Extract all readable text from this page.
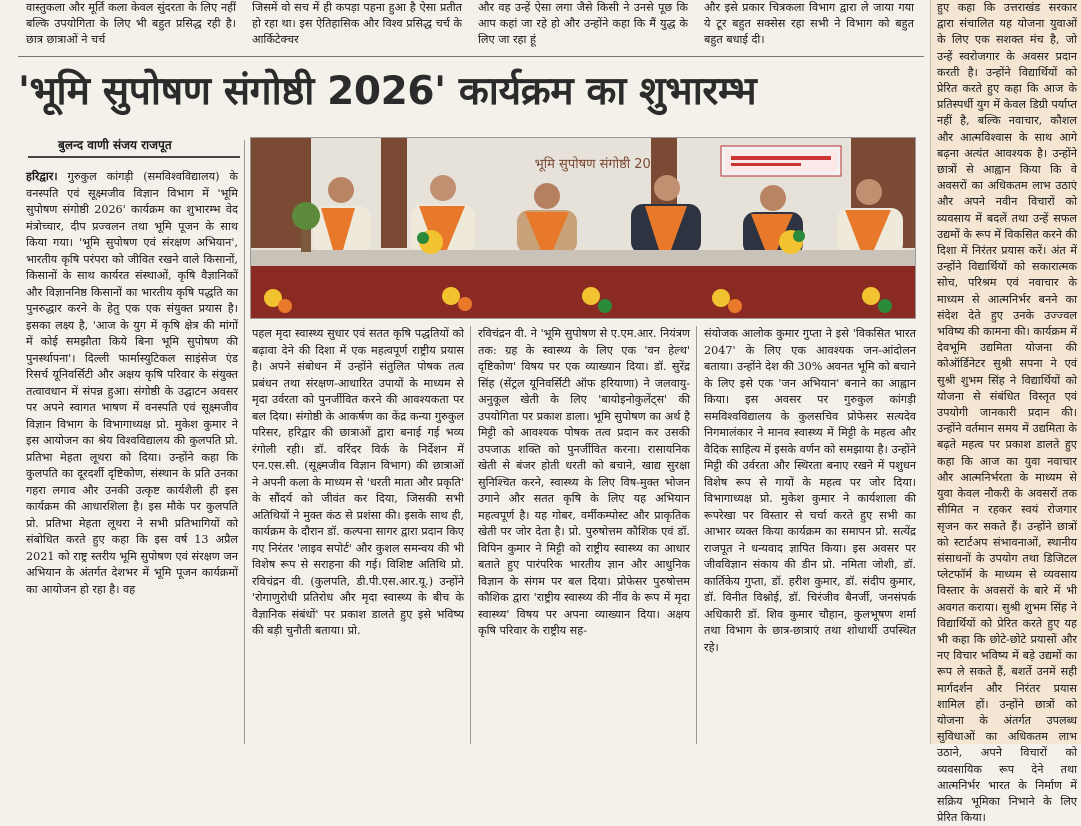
वास्तुकला और मूर्ति कला केवल सुंदरता के लिए नहीं बल्कि उपयोगिता के लिए भी बहुत प्रसिद्ध रही है। छात्र छात्राओं ने चर्च

जिसमें वो सच में ही कपड़ा पहना हुआ है ऐसा प्रतीत हो रहा था। इस ऐतिहासिक और विश्व प्रसिद्ध चर्च के आर्किटेक्चर

और वह उन्हें ऐसा लगा जैसे किसी ने उनसे पूछ कि आप कहां जा रहे हो और उन्होंने कहा कि मैं युद्ध के लिए जा रहा हूं

और इसे प्रकार चित्रकला विभाग द्वारा ले जाया गया ये टूर बहुत सक्सेस रहा सभी ने विभाग को बहुत बहुत बधाई दी।

'भूमि सुपोषण संगोष्ठी 2026' कार्यक्रम का शुभारम्भ
बुलन्द वाणी संजय राजपूत

हरिद्वार। गुरुकुल कांगड़ी (समविश्वविद्यालय) के वनस्पति एवं सूक्ष्मजीव विज्ञान विभाग में 'भूमि सुपोषण संगोष्ठी 2026' कार्यक्रम का शुभारम्भ वेद मंत्रोच्चार, दीप प्रज्वलन तथा भूमि पूजन के साथ किया गया। 'भूमि सुपोषण एवं संरक्षण अभियान', भारतीय कृषि परंपरा को जीवित रखने वाले किसानों, किसानों के साथ कार्यरत संस्थाओं, कृषि वैज्ञानिकों और विज्ञाननिष्ठ किसानों का भारतीय कृषि पद्धति का पुनरुद्धार करने के हेतु एक एक संयुक्त प्रयास है। इसका लक्ष्य है, 'आज के युग में कृषि क्षेत्र की मांगों में कोई समझौता किये बिना भूमि सुपोषण की पुनर्स्थापना'। दिल्ली फार्मास्युटिकल साइंसेज एंड रिसर्च यूनिवर्सिटी और अक्षय कृषि परिवार के संयुक्त तत्वावधान में संपन्न हुआ। संगोष्ठी के उद्घाटन अवसर पर अपने स्वागत भाषण में वनस्पति एवं सूक्ष्मजीव विज्ञान विभाग के विभागाध्यक्ष प्रो. मुकेश कुमार ने इस आयोजन का श्रेय विश्वविद्यालय की कुलपति प्रो. प्रतिभा मेहता लूथरा को दिया। उन्होंने कहा कि कुलपति का दूरदर्शी दृष्टिकोण, संस्थान के प्रति उनका गहरा लगाव और उनकी उत्कृष्ट कार्यशैली ही इस कार्यक्रम की आधारशिला है। इस मौके पर कुलपति प्रो. प्रतिभा मेहता लूथरा ने सभी प्रतिभागियों को संबोधित करते हुए कहा कि इस वर्ष 13 अप्रैल 2021 को राष्ट्र स्तरीय भूमि सुपोषण एवं संरक्षण जन अभियान के अंतर्गत देशभर में भूमि पूजन कार्यक्रमों का आयोजन हो रहा है। वह

भूमि सुपोषण संगोष्ठी 2026

पहल मृदा स्वास्थ्य सुधार एवं सतत कृषि पद्धतियों को बढ़ावा देने की दिशा में एक महत्वपूर्ण राष्ट्रीय प्रयास है। अपने संबोधन में उन्होंने संतुलित पोषक तत्व प्रबंधन तथा संरक्षण-आधारित उपायों के माध्यम से मृदा उर्वरता को पुनर्जीवित करने की आवश्यकता पर बल दिया। संगोष्ठी के आकर्षण का केंद्र कन्या गुरुकुल परिसर, हरिद्वार की छात्राओं द्वारा बनाई गई भव्य रंगोली रही। डॉ. वरिंदर विर्क के निर्देशन में एन.एस.सी. (सूक्ष्मजीव विज्ञान विभाग) की छात्राओं ने अपनी कला के माध्यम से 'धरती माता और प्रकृति' के सौंदर्य को जीवंत कर दिया, जिसकी सभी अतिथियों ने मुक्त कंठ से प्रशंसा की। इसके साथ ही, कार्यक्रम के दौरान डॉ. कल्पना सागर द्वारा प्रदान किए गए निरंतर 'लाइव सपोर्ट' और कुशल समन्वय की भी विशेष रूप से सराहना की गई। विशिष्ट अतिथि प्रो. रविचंद्रन वी. (कुलपति, डी.पी.एस.आर.यू.) उन्होंने 'रोगाणुरोधी प्रतिरोध और मृदा स्वास्थ्य के बीच के वैज्ञानिक संबंधों' पर प्रकाश डालते हुए इसे भविष्य की बड़ी चुनौती बताया। प्रो.

रविचंद्रन वी. ने 'भूमि सुपोषण से ए.एम.आर. नियंत्रण तक: ग्रह के स्वास्थ्य के लिए एक 'वन हेल्थ' दृष्टिकोण' विषय पर एक व्याख्यान दिया। डॉ. सुरेंद्र सिंह (सेंट्रल यूनिवर्सिटी ऑफ हरियाणा) ने जलवायु-अनुकूल खेती के लिए 'बायोइनोकुलेंट्स' की उपयोगिता पर प्रकाश डाला। भूमि सुपोषण का अर्थ है मिट्टी को आवश्यक पोषक तत्व प्रदान कर उसकी उपजाऊ शक्ति को पुनर्जीवित करना। रासायनिक खेती से बंजर होती धरती को बचाने, खाद्य सुरक्षा सुनिश्चित करने, स्वास्थ्य के लिए विष-मुक्त भोजन उगाने और सतत कृषि के लिए यह अभियान महत्वपूर्ण है। यह गोबर, वर्मीकम्पोस्ट और प्राकृतिक खेती पर जोर देता है। प्रो. पुरुषोत्तम कौशिक एवं डॉ. विपिन कुमार ने मिट्टी को राष्ट्रीय स्वास्थ्य का आधार बताते हुए पारंपरिक भारतीय ज्ञान और आधुनिक विज्ञान के संगम पर बल दिया। प्रोफेसर पुरुषोत्तम कौशिक द्वारा 'राष्ट्रीय स्वास्थ्य की नींव के रूप में मृदा स्वास्थ्य' विषय पर अपना व्याख्यान दिया। अक्षय कृषि परिवार के राष्ट्रीय सह-

संयोजक आलोक कुमार गुप्ता ने इसे 'विकसित भारत 2047' के लिए एक आवश्यक जन-आंदोलन बताया। उन्होंने देश की 30% अवनत भूमि को बचाने के लिए इसे एक 'जन अभियान' बनाने का आह्वान किया। इस अवसर पर गुरुकुल कांगड़ी समविश्वविद्यालय के कुलसचिव प्रोफेसर सत्यदेव निगमालंकार ने मानव स्वास्थ्य में मिट्टी के महत्व और वैदिक साहित्य में इसके वर्णन को समझाया है। उन्होंने मिट्टी की उर्वरता और स्थिरता बनाए रखने में पशुधन विशेष रूप से गायों के महत्व पर जोर दिया। विभागाध्यक्ष प्रो. मुकेश कुमार ने कार्यशाला की रूपरेखा पर विस्तार से चर्चा करते हुए सभी का आभार व्यक्त किया कार्यक्रम का समापन प्रो. सत्येंद्र राजपूत ने धन्यवाद ज्ञापित किया। इस अवसर पर जीवविज्ञान संकाय की डीन प्रो. नमिता जोशी, डॉ. कार्तिकेय गुप्ता, डॉ. हरीश कुमार, डॉ. संदीप कुमार, डॉ. विनीत विश्नोई, डॉ. चिरंजीव बैनर्जी, जनसंपर्क अधिकारी डॉ. शिव कुमार चौहान, कुलभूषण शर्मा तथा विभाग के छात्र-छात्राएं तथा शोधार्थी उपस्थित रहे।

हुए कहा कि उत्तराखंड सरकार द्वारा संचालित यह योजना युवाओं के लिए एक सशक्त मंच है, जो उन्हें स्वरोजगार के अवसर प्रदान करती है। उन्होंने विद्यार्थियों को प्रेरित करते हुए कहा कि आज के प्रतिस्पर्धी युग में केवल डिग्री पर्याप्त नहीं है, बल्कि नवाचार, कौशल और आत्मविश्वास के साथ आगे बढ़ना अत्यंत आवश्यक है। उन्होंने छात्रों से आह्वान किया कि वे अवसरों का अधिकतम लाभ उठाएं और अपने नवीन विचारों को व्यवसाय में बदलें तथा उन्हें सफल उद्यमों के रूप में विकसित करने की दिशा में निरंतर प्रयास करें। अंत में उन्होंने विद्यार्थियों को सकारात्मक सोच, परिश्रम एवं नवाचार के माध्यम से आत्मनिर्भर बनने का संदेश देते हुए उनके उज्ज्वल भविष्य की कामना की। कार्यक्रम में देवभूमि उद्यमिता योजना की कोऑर्डिनेटर सुश्री सपना ने एवं सुश्री शुभम सिंह ने विद्यार्थियों को योजना से संबंधित विस्तृत एवं उपयोगी जानकारी प्रदान की। उन्होंने वर्तमान समय में उद्यमिता के बढ़ते महत्व पर प्रकाश डालते हुए कहा कि आज का युवा नवाचार और आत्मनिर्भरता के माध्यम से युवा केवल नौकरी के अवसरों तक सीमित न रहकर स्वयं रोजगार सृजन कर सकते हैं। उन्होंने छात्रों को स्टार्टअप संभावनाओं, स्थानीय संसाधनों के उपयोग तथा डिजिटल प्लेटफॉर्म के माध्यम से व्यवसाय विस्तार के अवसरों के बारे में भी अवगत कराया। सुश्री शुभम सिंह ने विद्यार्थियों को प्रेरित करते हुए यह भी कहा कि छोटे-छोटे प्रयासों और नए विचार भविष्य में बड़े उद्यमों का रूप ले सकते हैं, बशर्ते उनमें सही मार्गदर्शन और निरंतर प्रयास शामिल हों। उन्होंने छात्रों को योजना के अंतर्गत उपलब्ध सुविधाओं का अधिकतम लाभ उठाने, अपने विचारों को व्यवसायिक रूप देने तथा आत्मनिर्भर भारत के निर्माण में सक्रिय भूमिका निभाने के लिए प्रेरित किया।
